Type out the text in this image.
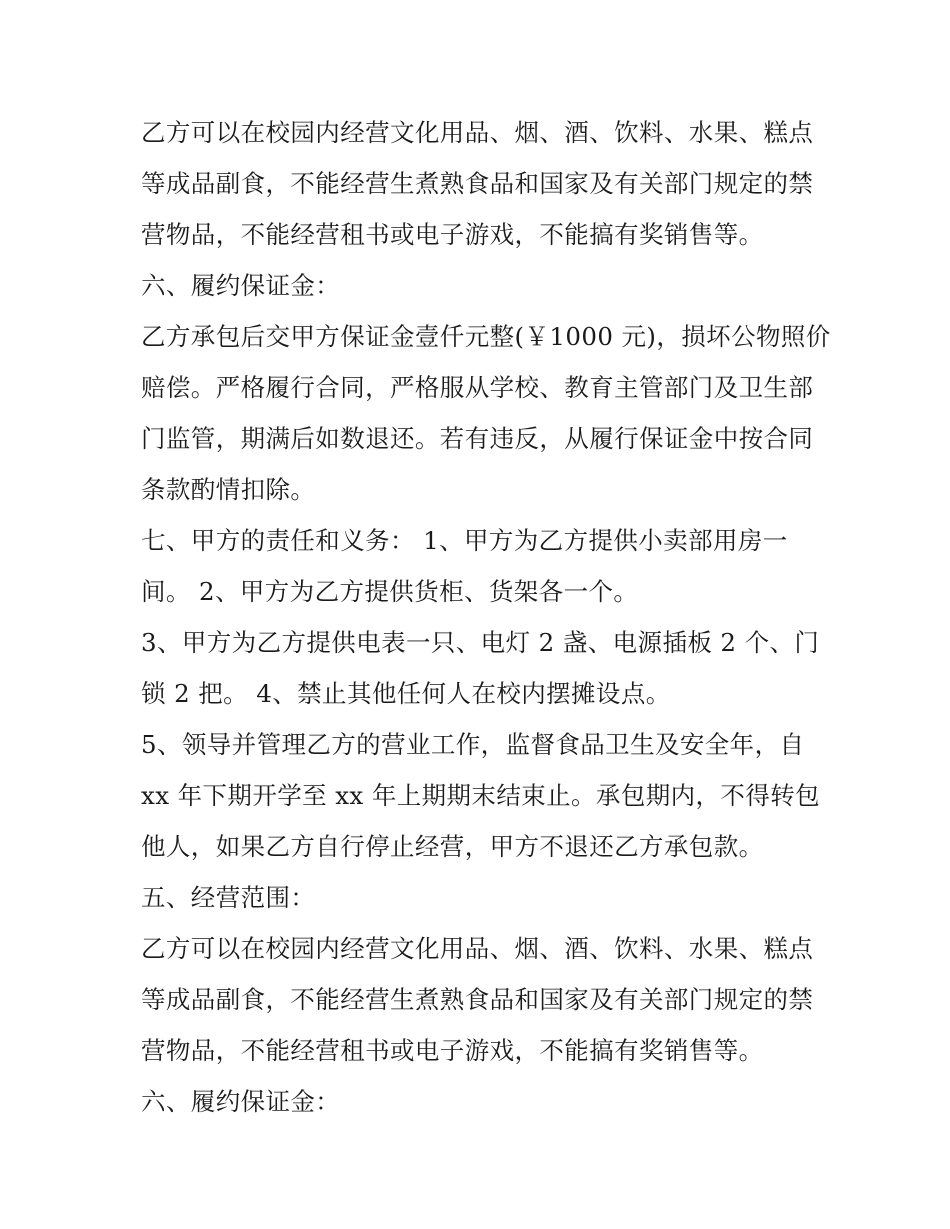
乙方可以在校园内经营文化用品、烟、酒、饮料、水果、糕点
等成品副食，不能经营生煮熟食品和国家及有关部门规定的禁
营物品，不能经营租书或电子游戏，不能搞有奖销售等。
六、履约保证金：
乙方承包后交甲方保证金壹仟元整(￥1000 元)，损坏公物照价
赔偿。严格履行合同，严格服从学校、教育主管部门及卫生部
门监管，期满后如数退还。若有违反，从履行保证金中按合同
条款酌情扣除。
七、甲方的责任和义务： 1、甲方为乙方提供小卖部用房一
间。 2、甲方为乙方提供货柜、货架各一个。
3、甲方为乙方提供电表一只、电灯 2 盏、电源插板 2 个、门
锁 2 把。 4、禁止其他任何人在校内摆摊设点。
5、领导并管理乙方的营业工作，监督食品卫生及安全年，自
xx 年下期开学至 xx 年上期期末结束止。承包期内，不得转包
他人，如果乙方自行停止经营，甲方不退还乙方承包款。
五、经营范围：
乙方可以在校园内经营文化用品、烟、酒、饮料、水果、糕点
等成品副食，不能经营生煮熟食品和国家及有关部门规定的禁
营物品，不能经营租书或电子游戏，不能搞有奖销售等。
六、履约保证金：
